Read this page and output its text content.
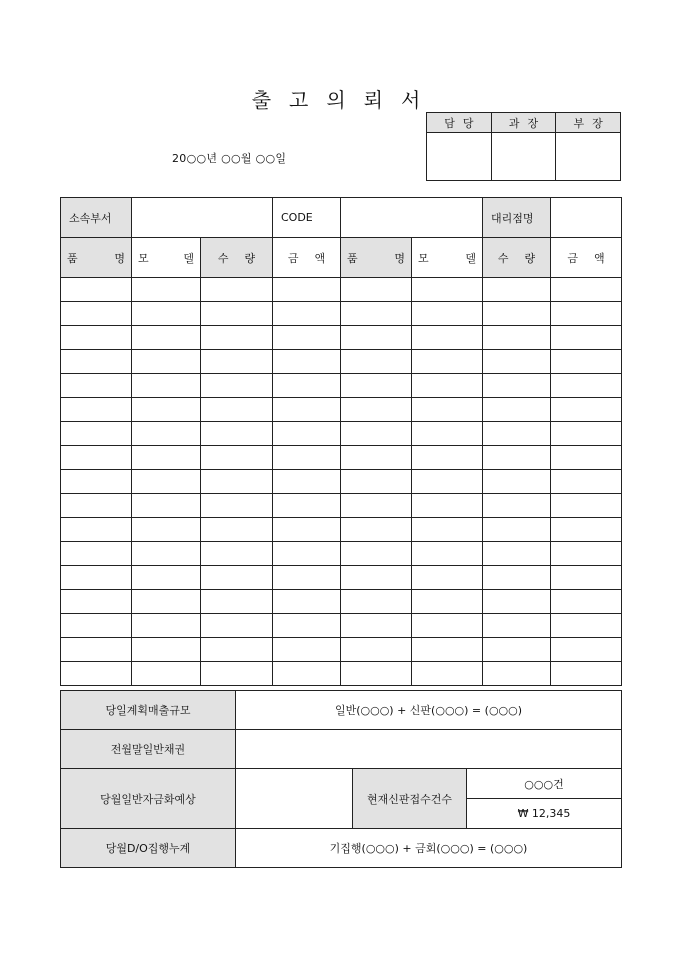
출고의뢰서
20○○년 ○○월 ○○일
담당	과장	부장

소속부서			CODE			대리점명	

품 명	모 델	수 량	금 액	품 명	모 델	수 량	금 액

당일계획매출규모	일반(○○○) + 신판(○○○) = (○○○)		
전월말일반채권			
당월일반자금화예상		현재신판접수건수	○○○건
			₩ 12,345
당월D/O집행누계	기집행(○○○) + 금회(○○○) = (○○○)		
